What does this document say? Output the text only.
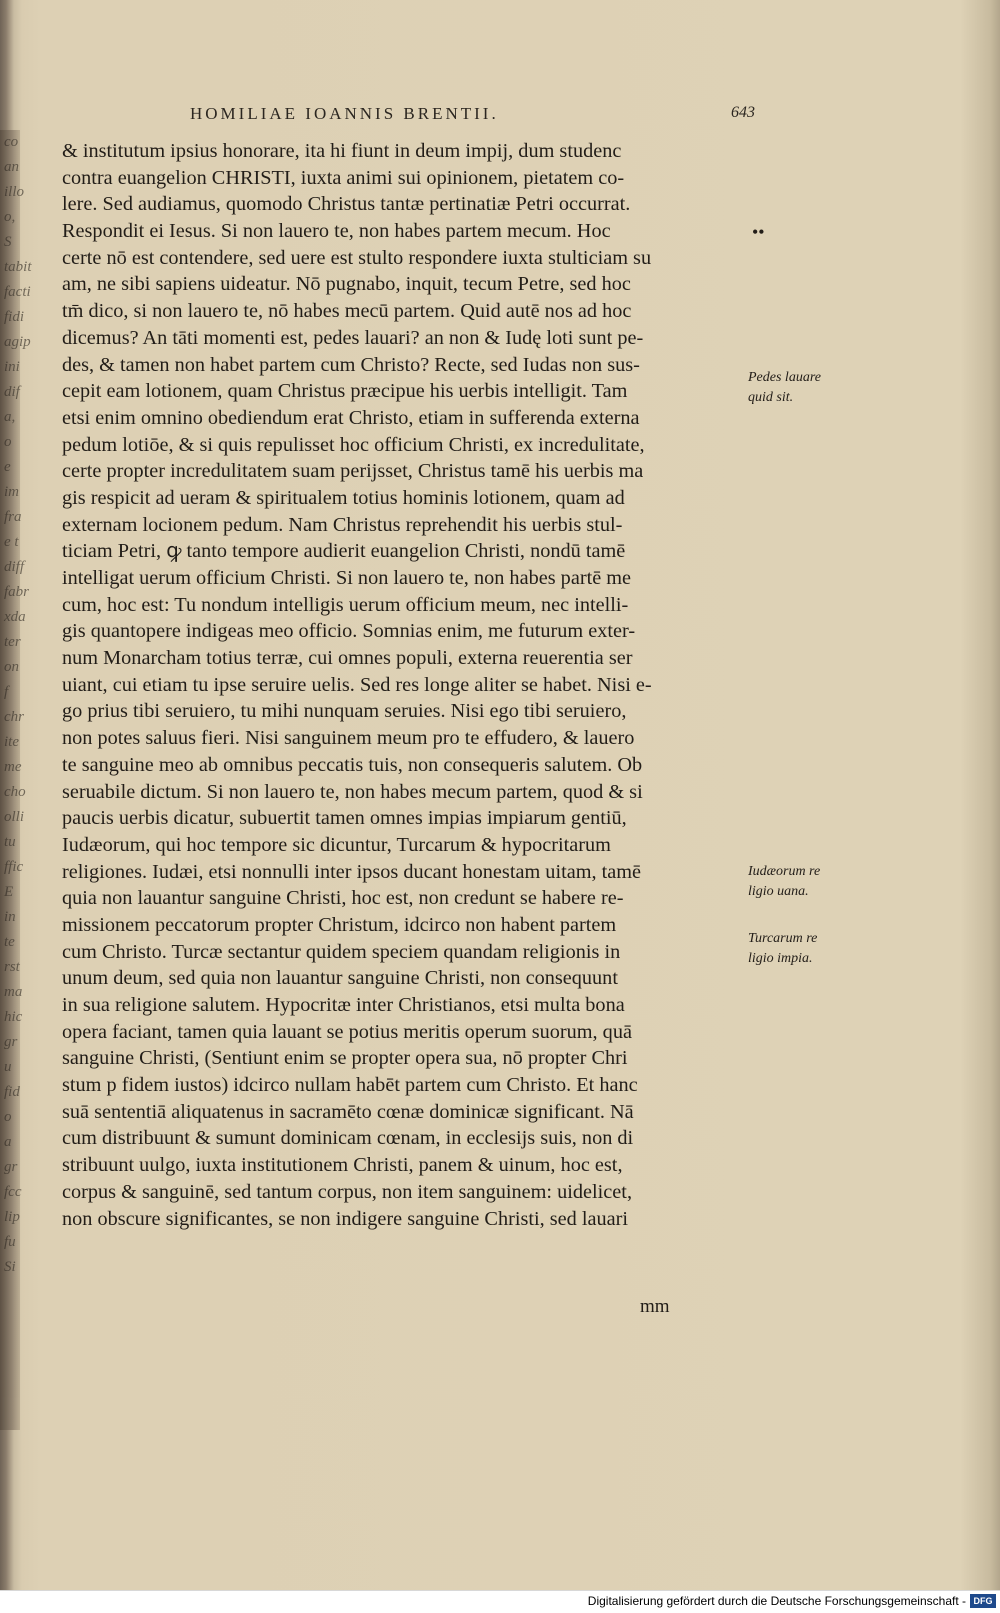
co
an
illo
o, S
tabit
facti
fidi
agip
ini
dif
a, o
e
im
fra
e t
diff
fabr
xda
ter
on f
chr
ite
me
cho
olli
tu
ffic
E
in
te
rst
ma
hic
gr
u
fid
o
a
gr
fcc
lip
fu
Si
HOMILIAE IOANNIS BRENTII.	643
& institutum ipsius honorare, ita hi fiunt in deum impij, dum studenc
contra euangelion CHRISTI, iuxta animi sui opinionem, pietatem co-
lere. Sed audiamus, quomodo Christus tantæ pertinatiæ Petri occurrat.
Respondit ei Iesus. Si non lauero te, non habes partem mecum. Hoc
certe nō est contendere, sed uere est stulto respondere iuxta stulticiam su
am, ne sibi sapiens uideatur. Nō pugnabo, inquit, tecum Petre, sed hoc
tm̄ dico, si non lauero te, nō habes mecū partem. Quid autē nos ad hoc
dicemus? An tāti momenti est, pedes lauari? an non & Iudę loti sunt pe-
des, & tamen non habet partem cum Christo? Recte, sed Iudas non sus-
cepit eam lotionem, quam Christus præcipue his uerbis intelligit. Tam
etsi enim omnino obediendum erat Christo, etiam in sufferenda externa
pedum lotiōe, & si quis repulisset hoc officium Christi, ex incredulitate,
certe propter incredulitatem suam perijsset, Christus tamē his uerbis ma
gis respicit ad ueram & spiritualem totius hominis lotionem, quam ad
externam locionem pedum. Nam Christus reprehendit his uerbis stul-
ticiam Petri, ꝙ tanto tempore audierit euangelion Christi, nondū tamē
intelligat uerum officium Christi. Si non lauero te, non habes partē me
cum, hoc est: Tu nondum intelligis uerum officium meum, nec intelli-
gis quantopere indigeas meo officio. Somnias enim, me futurum exter-
num Monarcham totius terræ, cui omnes populi, externa reuerentia ser
uiant, cui etiam tu ipse seruire uelis. Sed res longe aliter se habet. Nisi e-
go prius tibi seruiero, tu mihi nunquam seruies. Nisi ego tibi seruiero,
non potes saluus fieri. Nisi sanguinem meum pro te effudero, & lauero
te sanguine meo ab omnibus peccatis tuis, non consequeris salutem. Ob
seruabile dictum. Si non lauero te, non habes mecum partem, quod & si
paucis uerbis dicatur, subuertit tamen omnes impias impiarum gentiū,
Iudæorum, qui hoc tempore sic dicuntur, Turcarum & hypocritarum
religiones. Iudæi, etsi nonnulli inter ipsos ducant honestam uitam, tamē
quia non lauantur sanguine Christi, hoc est, non credunt se habere re-
missionem peccatorum propter Christum, idcirco non habent partem
cum Christo. Turcæ sectantur quidem speciem quandam religionis in
unum deum, sed quia non lauantur sanguine Christi, non consequunt
in sua religione salutem. Hypocritæ inter Christianos, etsi multa bona
opera faciant, tamen quia lauant se potius meritis operum suorum, quā
sanguine Christi, (Sentiunt enim se propter opera sua, nō propter Chri
stum p fidem iustos) idcirco nullam habēt partem cum Christo. Et hanc
suā sententiā aliquatenus in sacramēto cœnæ dominicæ significant. Nā
cum distribuunt & sumunt dominicam cœnam, in ecclesijs suis, non di
stribuunt uulgo, iuxta institutionem Christi, panem & uinum, hoc est,
corpus & sanguinē, sed tantum corpus, non item sanguinem: uidelicet,
non obscure significantes, se non indigere sanguine Christi, sed lauari
••
Pedes lauare
quid sit.
Iudæorum re
ligio uana.
Turcarum re
ligio impia.
mm
Digitalisierung gefördert durch die Deutsche Forschungsgemeinschaft - DFG
